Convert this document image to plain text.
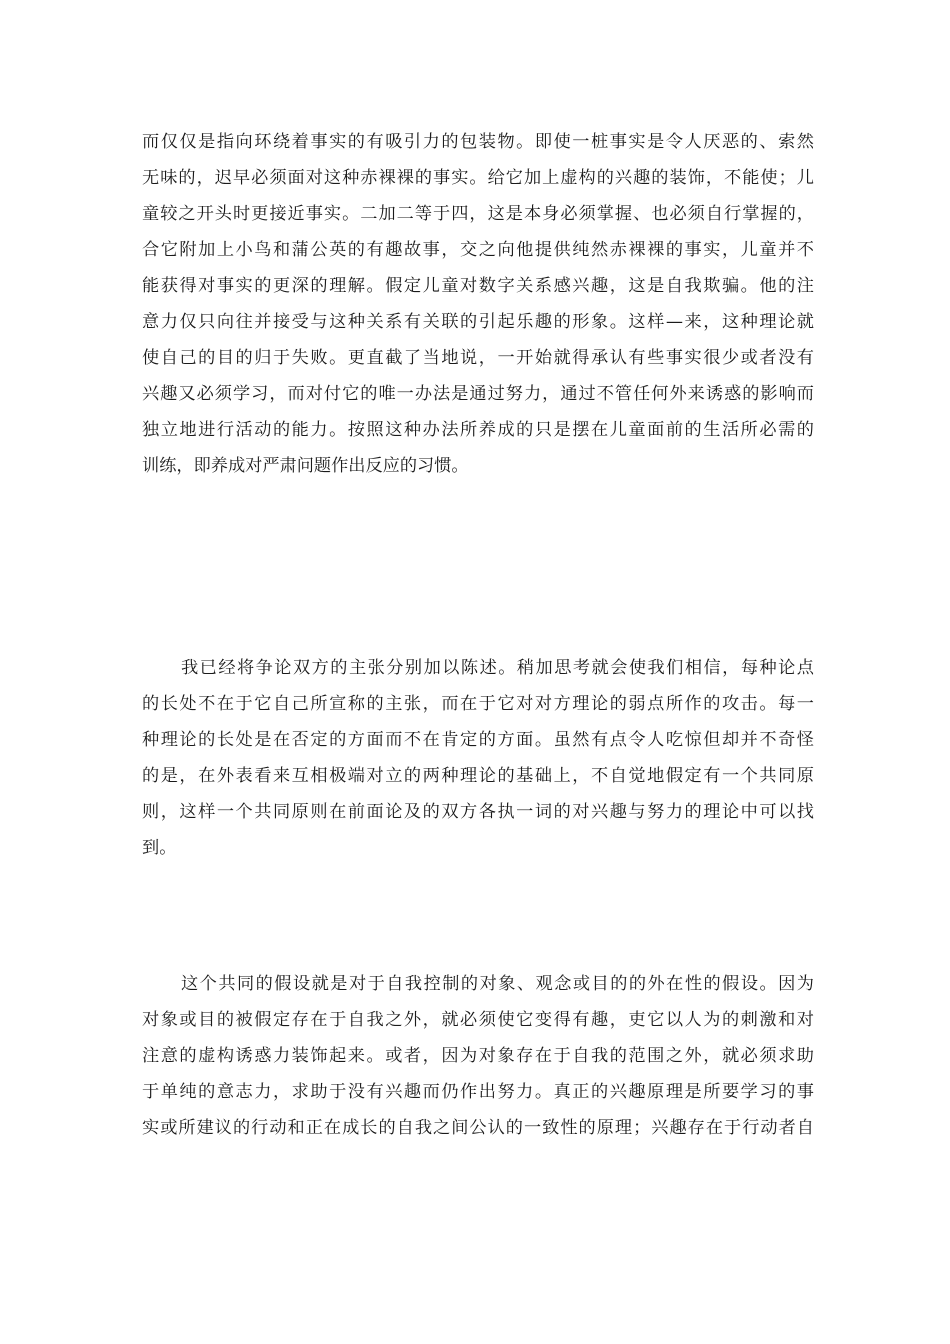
而仅仅是指向环绕着事实的有吸引力的包装物。即使一桩事实是令人厌恶的、索然
无味的，迟早必须面对这种赤裸裸的事实。给它加上虚构的兴趣的装饰，不能使；儿
童较之开头时更接近事实。二加二等于四，这是本身必须掌握、也必须自行掌握的，
合它附加上小鸟和蒲公英的有趣故事，交之向他提供纯然赤裸裸的事实，儿童并不
能获得对事实的更深的理解。假定儿童对数字关系感兴趣，这是自我欺骗。他的注
意力仅只向往并接受与这种关系有关联的引起乐趣的形象。这样—来，这种理论就
使自己的目的归于失败。更直截了当地说，一开始就得承认有些事实很少或者没有
兴趣又必须学习，而对付它的唯一办法是通过努力，通过不管任何外来诱惑的影响而
独立地进行活动的能力。按照这种办法所养成的只是摆在儿童面前的生活所必需的
训练，即养成对严肃问题作出反应的习惯。
我已经将争论双方的主张分别加以陈述。稍加思考就会使我们相信，每种论点
的长处不在于它自己所宣称的主张，而在于它对对方理论的弱点所作的攻击。每一
种理论的长处是在否定的方面而不在肯定的方面。虽然有点令人吃惊但却并不奇怪
的是，在外表看来互相极端对立的两种理论的基础上，不自觉地假定有一个共同原
则，这样一个共同原则在前面论及的双方各执一词的对兴趣与努力的理论中可以找
到。
这个共同的假设就是对于自我控制的对象、观念或目的的外在性的假设。因为
对象或目的被假定存在于自我之外，就必须使它变得有趣，吏它以人为的刺激和对
注意的虚构诱惑力装饰起来。或者，因为对象存在于自我的范围之外，就必须求助
于单纯的意志力，求助于没有兴趣而仍作出努力。真正的兴趣原理是所要学习的事
实或所建议的行动和正在成长的自我之间公认的一致性的原理；兴趣存在于行动者自
